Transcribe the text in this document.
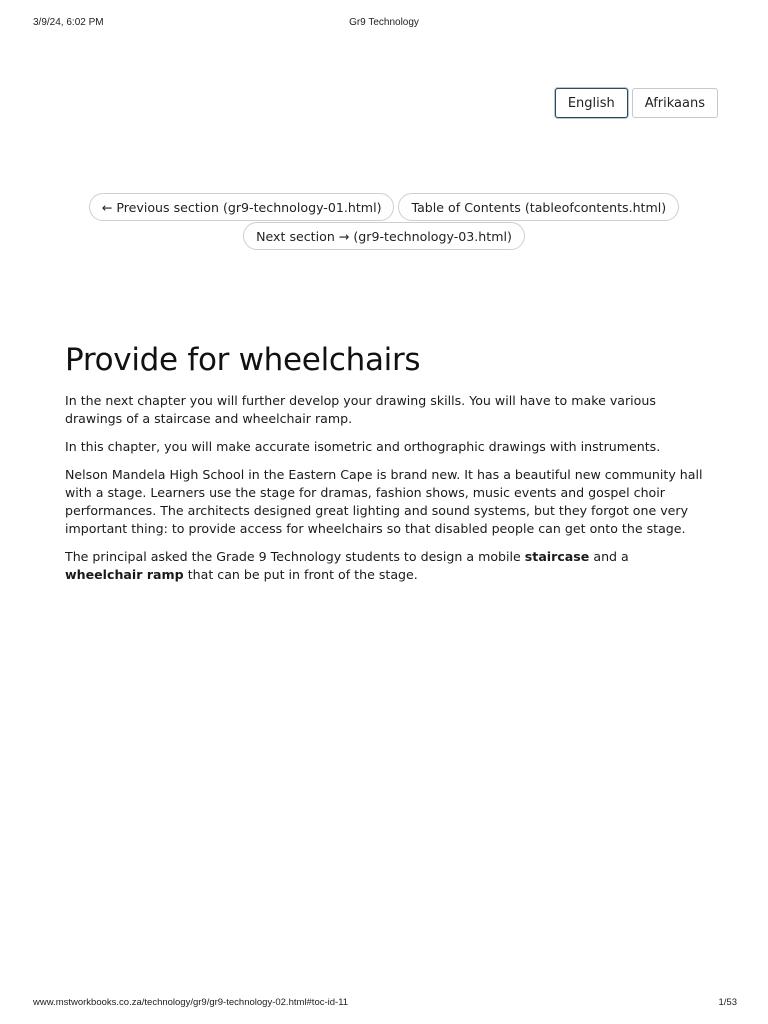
3/9/24, 6:02 PM	Gr9 Technology
English	Afrikaans
← Previous section (gr9-technology-01.html)	Table of Contents (tableofcontents.html)
Next section → (gr9-technology-03.html)
Provide for wheelchairs

In the next chapter you will further develop your drawing skills. You will have to make various drawings of a staircase and wheelchair ramp.

In this chapter, you will make accurate isometric and orthographic drawings with instruments.

Nelson Mandela High School in the Eastern Cape is brand new. It has a beautiful new community hall with a stage. Learners use the stage for dramas, fashion shows, music events and gospel choir performances. The architects designed great lighting and sound systems, but they forgot one very important thing: to provide access for wheelchairs so that disabled people can get onto the stage.

The principal asked the Grade 9 Technology students to design a mobile staircase and a wheelchair ramp that can be put in front of the stage.

www.mstworkbooks.co.za/technology/gr9/gr9-technology-02.html#toc-id-11	1/53
